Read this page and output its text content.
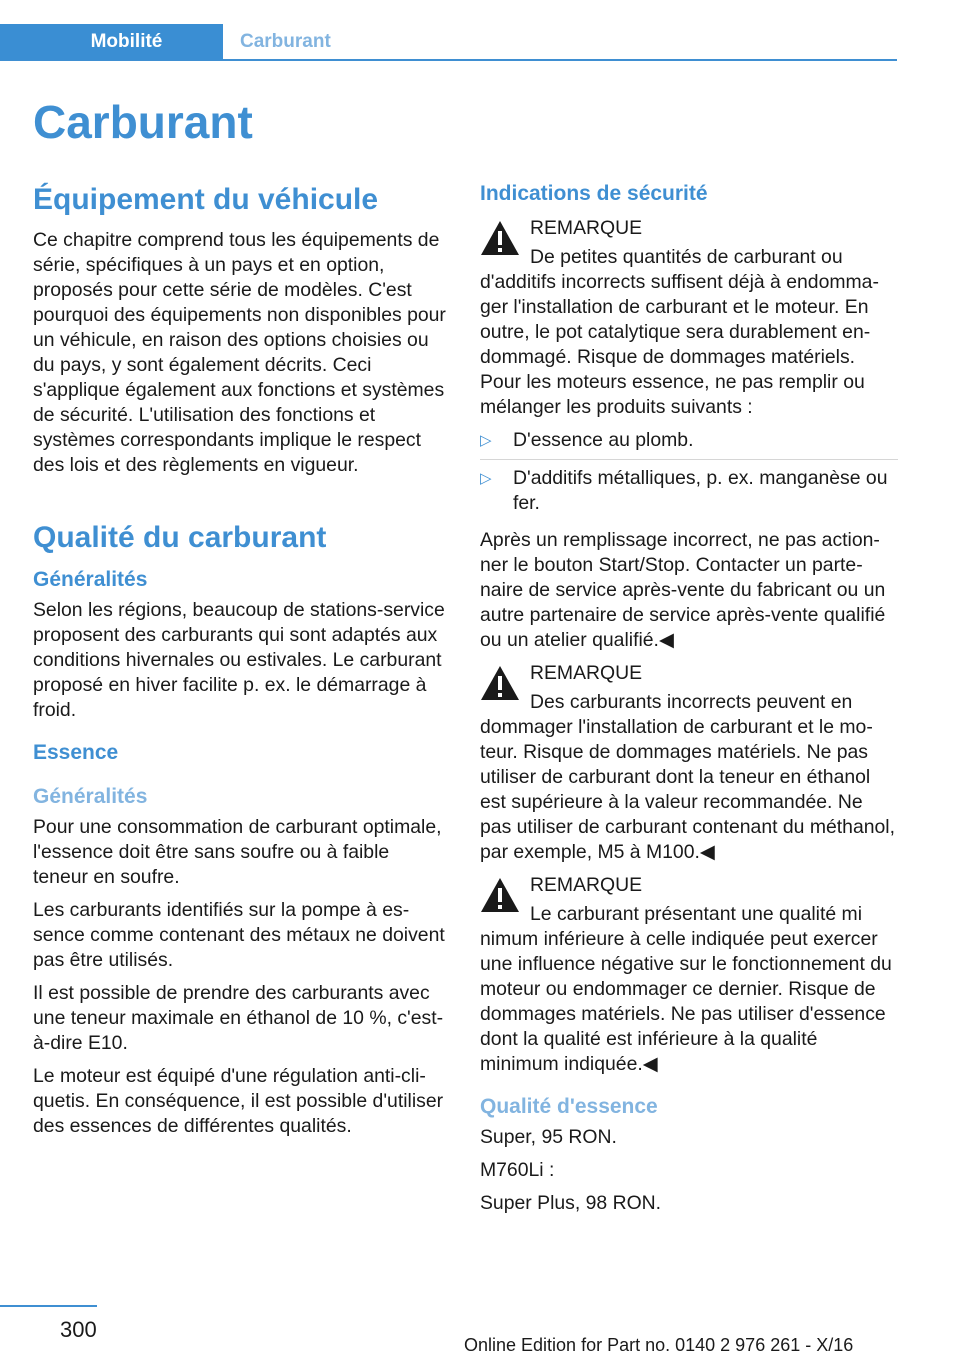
Mobilité	Carburant
Carburant
Équipement du véhicule

Ce chapitre comprend tous les équipements de série, spécifiques à un pays et en option, proposés pour cette série de modèles. C'est pourquoi des équipements non disponibles pour un véhicule, en raison des options choisies ou du pays, y sont également décrits. Ceci s'applique également aux fonctions et systèmes de sécurité. L'utilisation des fonctions et systèmes correspondants implique le respect des lois et des règlements en vigueur.

Qualité du carburant
Généralités

Selon les régions, beaucoup de stations-service proposent des carburants qui sont adaptés aux conditions hivernales ou estivales. Le carburant proposé en hiver facilite p. ex. le démarrage à froid.

Essence
Généralités

Pour une consommation de carburant optimale, l'essence doit être sans soufre ou à faible teneur en soufre.

Les carburants identifiés sur la pompe à essence comme contenant des métaux ne doivent pas être utilisés.

Il est possible de prendre des carburants avec une teneur maximale en éthanol de 10 %, c'est-à-dire E10.

Le moteur est équipé d'une régulation anti-cliquetis. En conséquence, il est possible d'utiliser des essences de différentes qualités.

Indications de sécurité
REMARQUE

De petites quantités de carburant ou

d'additifs incorrects suffisent déjà à endommager l'installation de carburant et le moteur. En outre, le pot catalytique sera durablement endommagé. Risque de dommages matériels. Pour les moteurs essence, ne pas remplir ou mélanger les produits suivants :

▷ D'essence au plomb.
▷ D'additifs métalliques, p. ex. manganèse ou fer.

Après un remplissage incorrect, ne pas actionner le bouton Start/Stop. Contacter un partenaire de service après-vente du fabricant ou un autre partenaire de service après-vente qualifié ou un atelier qualifié.◀

REMARQUE

Des carburants incorrects peuvent en

dommager l'installation de carburant et le moteur. Risque de dommages matériels. Ne pas utiliser de carburant dont la teneur en éthanol est supérieure à la valeur recommandée. Ne pas utiliser de carburant contenant du méthanol, par exemple, M5 à M100.◀

REMARQUE

Le carburant présentant une qualité mi

nimum inférieure à celle indiquée peut exercer une influence négative sur le fonctionnement du moteur ou endommager ce dernier. Risque de dommages matériels. Ne pas utiliser d'essence dont la qualité est inférieure à la qualité minimum indiquée.◀

Qualité d'essence

Super, 95 RON.

M760Li :

Super Plus, 98 RON.

300
Online Edition for Part no. 0140 2 976 261 - X/16
